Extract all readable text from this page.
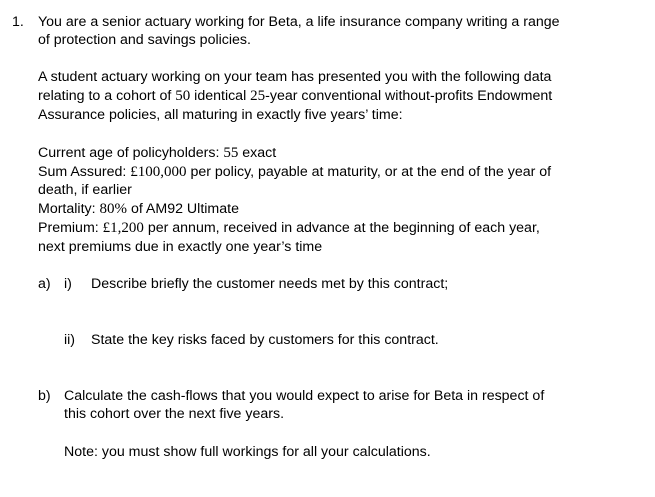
1. You are a senior actuary working for Beta, a life insurance company writing a range
of protection and savings policies.
A student actuary working on your team has presented you with the following data
relating to a cohort of 50 identical 25-year conventional without-profits Endowment
Assurance policies, all maturing in exactly five years’ time:
Current age of policyholders: 55 exact
Sum Assured: £100,000 per policy, payable at maturity, or at the end of the year of
death, if earlier
Mortality: 80% of AM92 Ultimate
Premium: £1,200 per annum, received in advance at the beginning of each year,
next premiums due in exactly one year’s time
a) i) Describe briefly the customer needs met by this contract;
ii) State the key risks faced by customers for this contract.
b) Calculate the cash-flows that you would expect to arise for Beta in respect of
this cohort over the next five years.
Note: you must show full workings for all your calculations.
